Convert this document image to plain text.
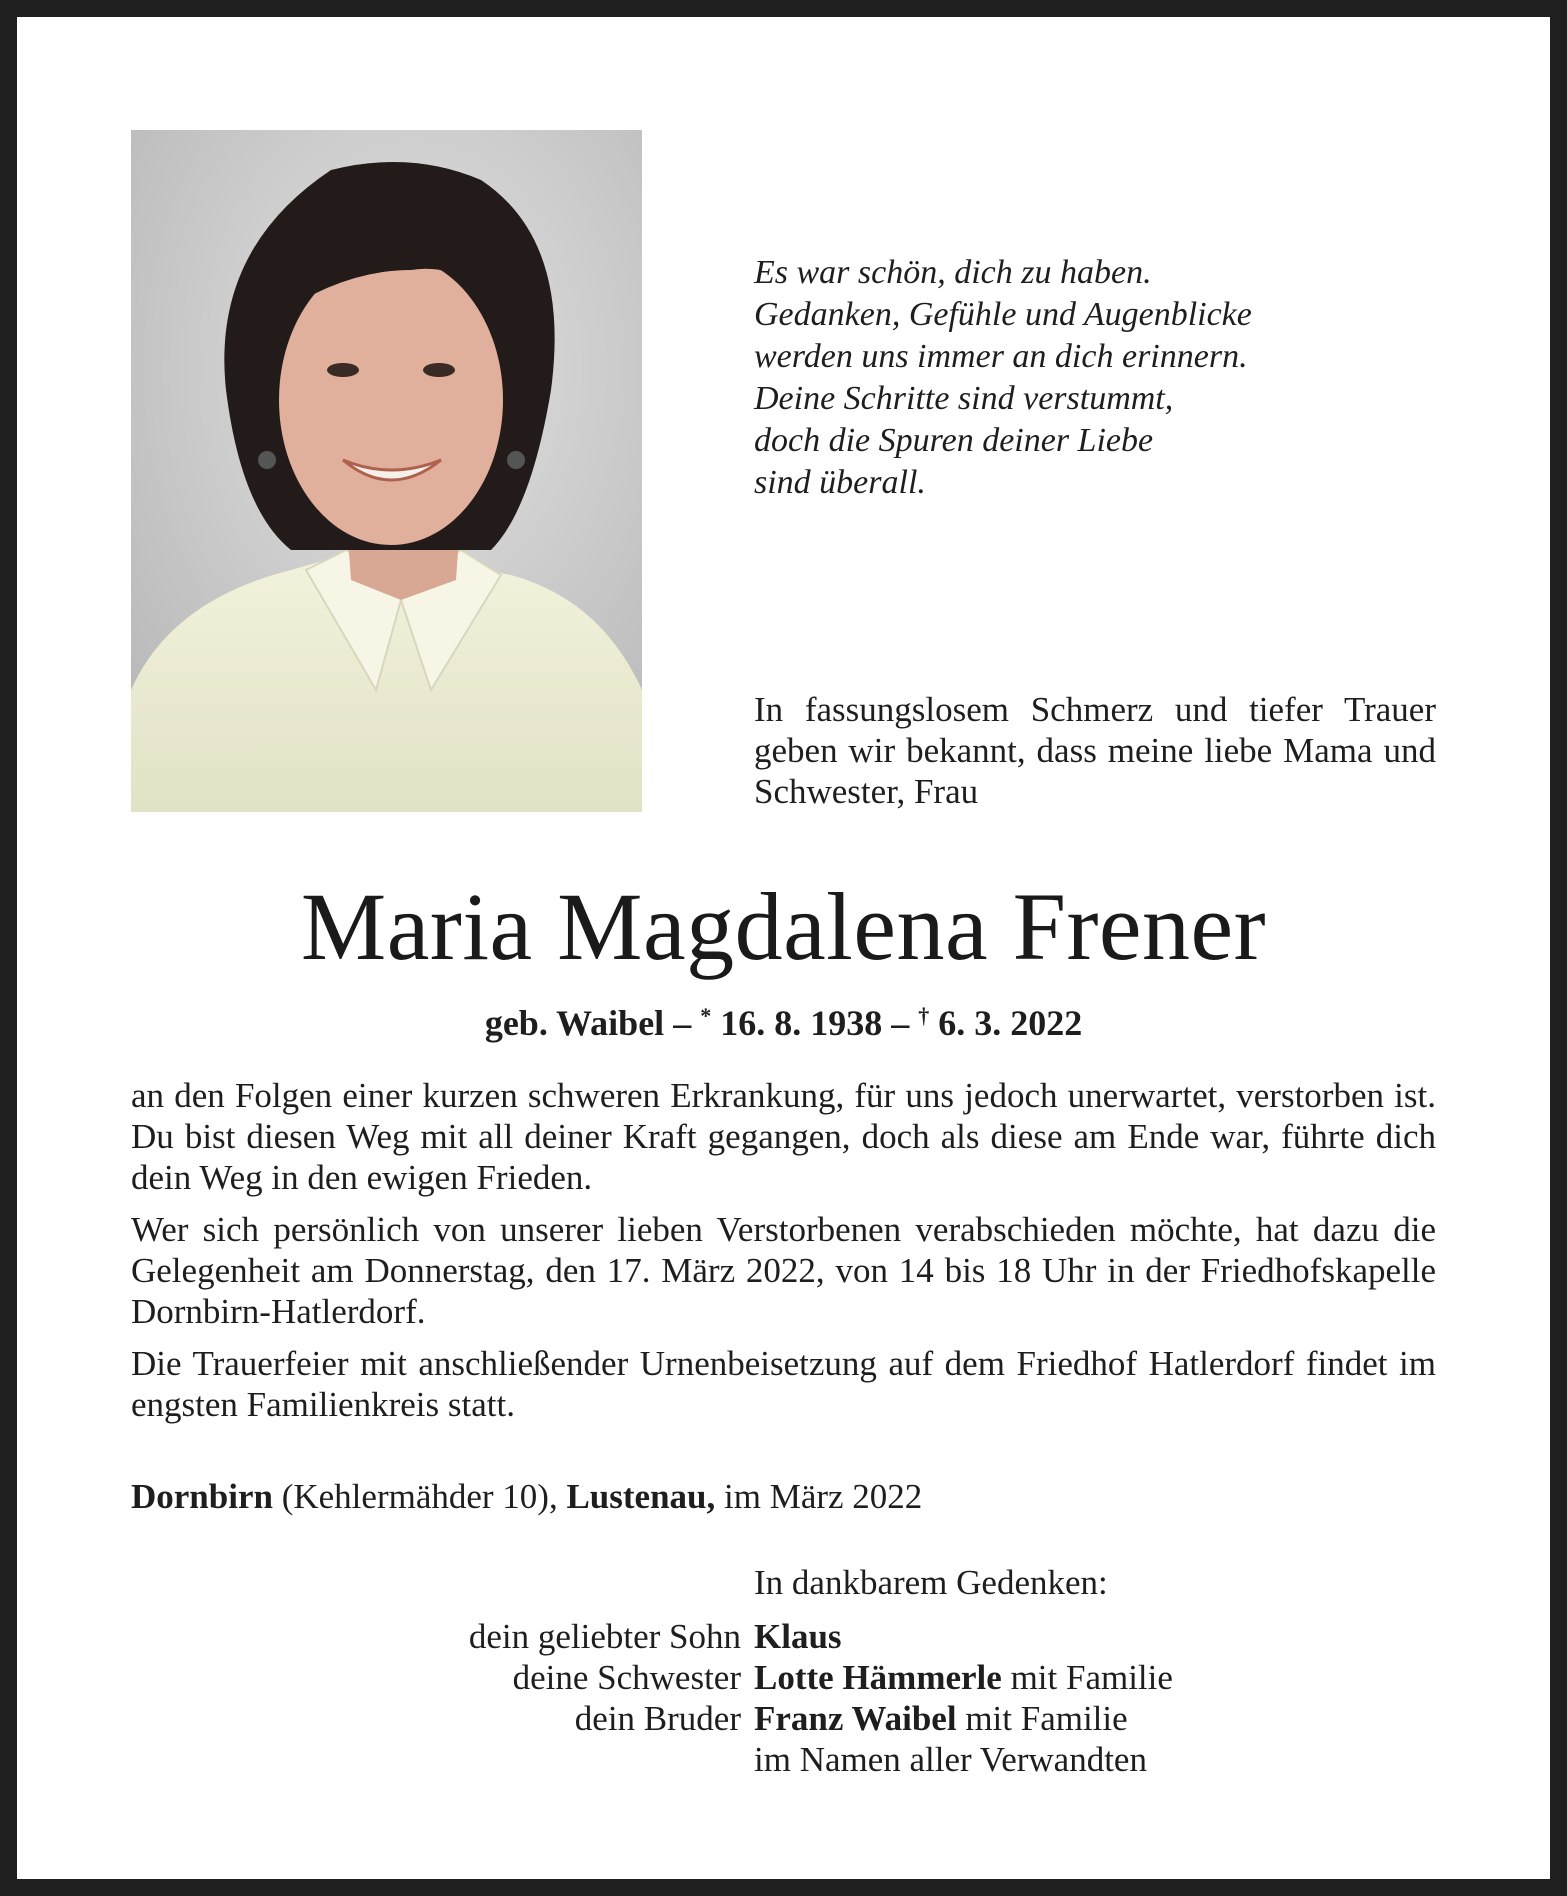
Es war schön, dich zu haben.
Gedanken, Gefühle und Augenblicke
werden uns immer an dich erinnern.
Deine Schritte sind verstummt,
doch die Spuren deiner Liebe
sind überall.
In fassungslosem Schmerz und tiefer Trauer geben wir bekannt, dass meine liebe Mama und Schwester, Frau
Maria Magdalena Frener
geb. Waibel – * 16. 8. 1938 – † 6. 3. 2022

an den Folgen einer kurzen schweren Erkrankung, für uns jedoch unerwartet, verstorben ist. Du bist diesen Weg mit all deiner Kraft gegangen, doch als diese am Ende war, führte dich dein Weg in den ewigen Frieden.

Wer sich persönlich von unserer lieben Verstorbenen verabschieden möchte, hat dazu die Gelegenheit am Donnerstag, den 17. März 2022, von 14 bis 18 Uhr in der Friedhofskapelle Dornbirn-Hatlerdorf.

Die Trauerfeier mit anschließender Urnenbeisetzung auf dem Friedhof Hatlerdorf findet im engsten Familienkreis statt.

Dornbirn (Kehlermähder 10), Lustenau, im März 2022
In dankbarem Gedenken:
dein geliebter Sohn Klaus
deine Schwester Lotte Hämmerle mit Familie
dein Bruder Franz Waibel mit Familie
im Namen aller Verwandten
